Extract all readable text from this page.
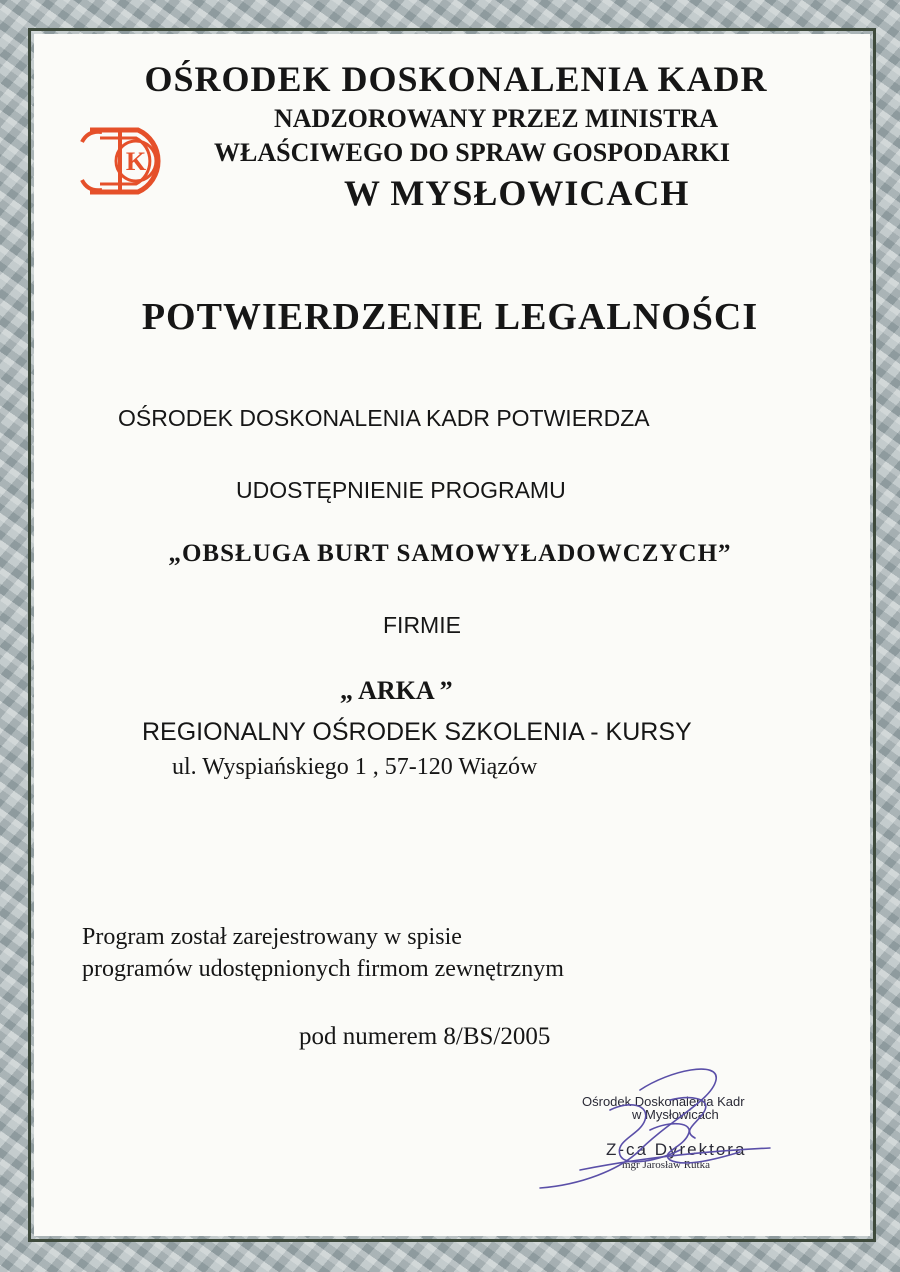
K
OŚRODEK DOSKONALENIA KADR
NADZOROWANY PRZEZ MINISTRA
WŁAŚCIWEGO DO SPRAW GOSPODARKI
W MYSŁOWICACH
POTWIERDZENIE LEGALNOŚCI
OŚRODEK DOSKONALENIA KADR POTWIERDZA
UDOSTĘPNIENIE PROGRAMU
„OBSŁUGA BURT SAMOWYŁADOWCZYCH”
FIRMIE
„ ARKA ”
REGIONALNY OŚRODEK SZKOLENIA - KURSY
ul. Wyspiańskiego 1 , 57-120 Wiązów
Program został zarejestrowany w spisie
programów udostępnionych firmom zewnętrznym
pod numerem 8/BS/2005
Ośrodek Doskonalenia Kadr
w Mysłowicach
Z-ca Dyrektora
mgr Jarosław Rutka
